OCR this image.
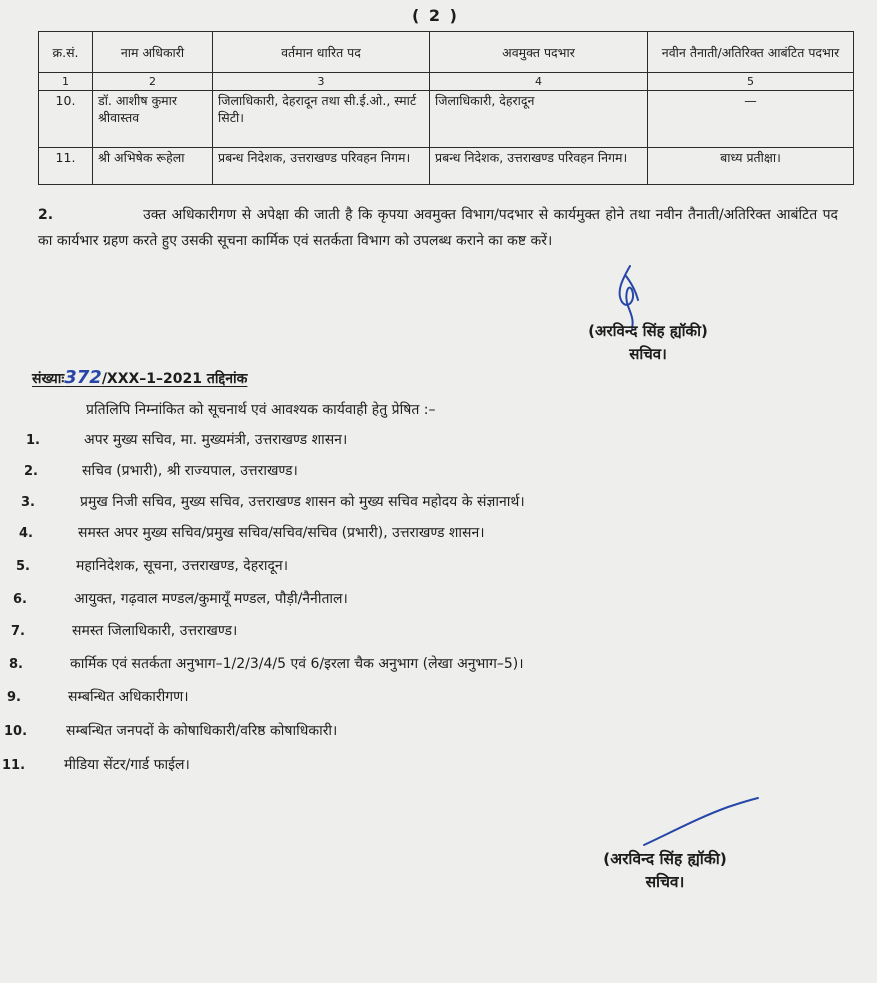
( 2 )
क्र.सं.	नाम अधिकारी	वर्तमान धारित पद	अवमुक्त पदभार	नवीन तैनाती/अतिरिक्त आबंटित पदभार
1	2	3	4	5
10.	डॉ. आशीष कुमार श्रीवास्तव	जिलाधिकारी, देहरादून तथा सी.ई.ओ., स्मार्ट सिटी।	जिलाधिकारी, देहरादून	—
11.	श्री अभिषेक रूहेला	प्रबन्ध निदेशक, उत्तराखण्ड परिवहन निगम।	प्रबन्ध निदेशक, उत्तराखण्ड परिवहन निगम।	बाध्य प्रतीक्षा।
2.	उक्त अधिकारीगण से अपेक्षा की जाती है कि कृपया अवमुक्त विभाग/पदभार से कार्यमुक्त होने तथा नवीन तैनाती/अतिरिक्त आबंटित पद का कार्यभार ग्रहण करते हुए उसकी सूचना कार्मिक एवं सतर्कता विभाग को उपलब्ध कराने का कष्ट करें।
(अरविन्द सिंह ह्यॉकी)
सचिव।
संख्याः372/XXX–1–2021 तद्दिनांक
प्रतिलिपि निम्नांकित को सूचनार्थ एवं आवश्यक कार्यवाही हेतु प्रेषित :–
1.	अपर मुख्य सचिव, मा. मुख्यमंत्री, उत्तराखण्ड शासन।
2.	सचिव (प्रभारी), श्री राज्यपाल, उत्तराखण्ड।
3.	प्रमुख निजी सचिव, मुख्य सचिव, उत्तराखण्ड शासन को मुख्य सचिव महोदय के संज्ञानार्थ।
4.	समस्त अपर मुख्य सचिव/प्रमुख सचिव/सचिव/सचिव (प्रभारी), उत्तराखण्ड शासन।
5.	महानिदेशक, सूचना, उत्तराखण्ड, देहरादून।
6.	आयुक्त, गढ़वाल मण्डल/कुमायूँ मण्डल, पौड़ी/नैनीताल।
7.	समस्त जिलाधिकारी, उत्तराखण्ड।
8.	कार्मिक एवं सतर्कता अनुभाग–1/2/3/4/5 एवं 6/इरला चैक अनुभाग (लेखा अनुभाग–5)।
9.	सम्बन्धित अधिकारीगण।
10.	सम्बन्धित जनपदों के कोषाधिकारी/वरिष्ठ कोषाधिकारी।
11.	मीडिया सेंटर/गार्ड फाईल।
(अरविन्द सिंह ह्यॉकी)
सचिव।
